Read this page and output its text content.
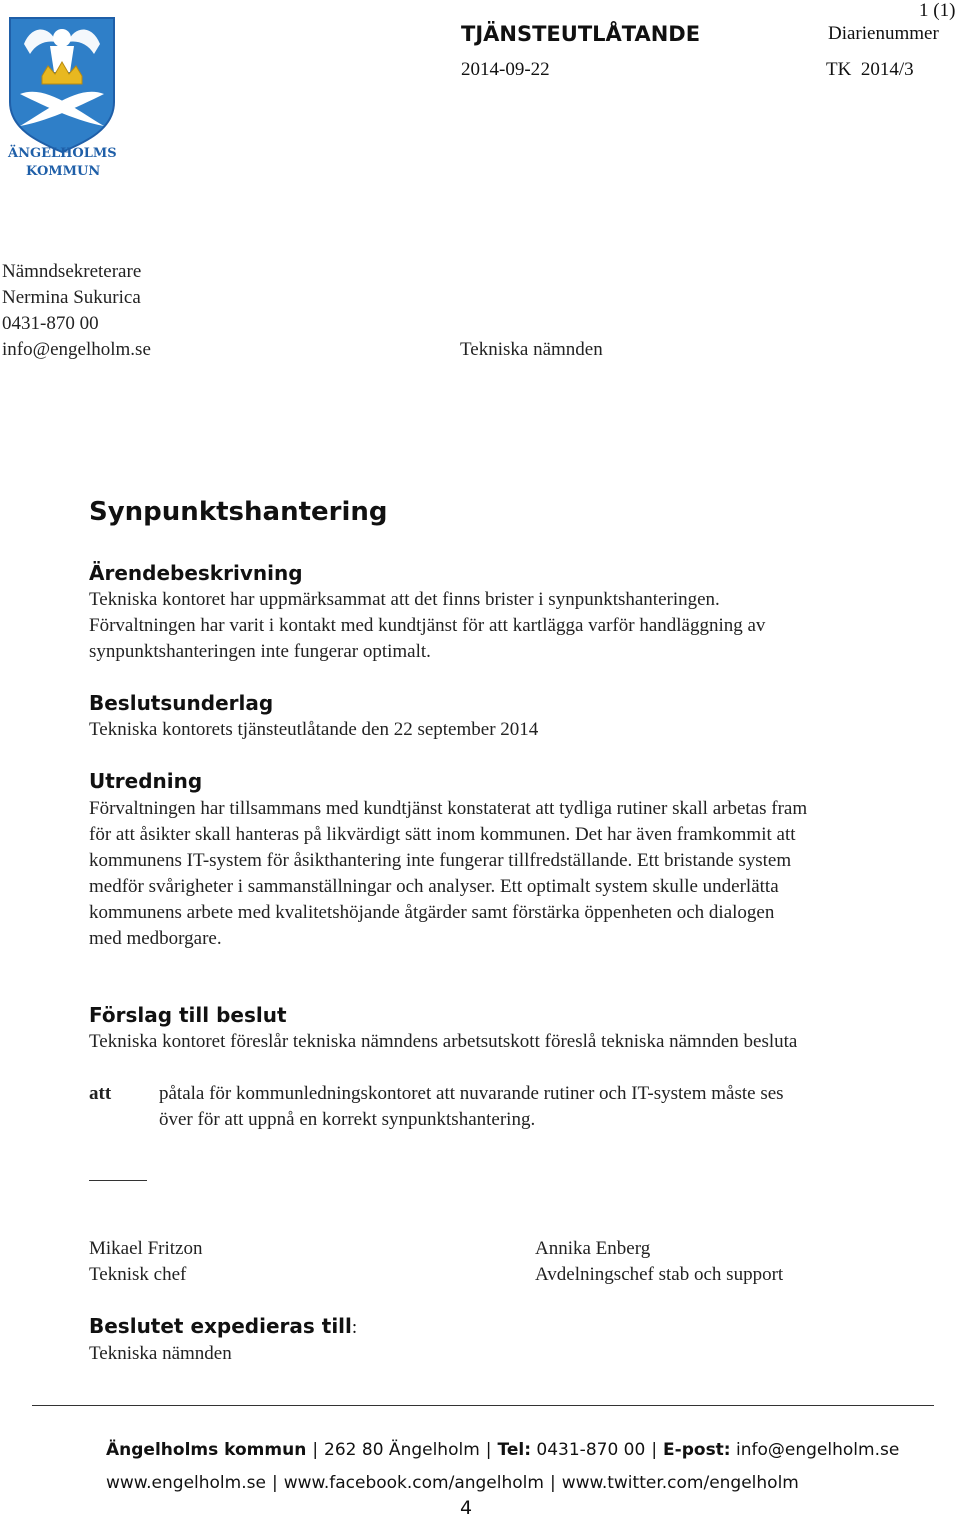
ÄNGELHOLMS
KOMMUN
TJÄNSTEUTLÅTANDE
1 (1)
Diarienummer
2014-09-22	TK  2014/3
Nämndsekreterare
Nermina Sukurica
0431-870 00
info@engelholm.se	Tekniska nämnden
Synpunktshantering
Ärendebeskrivning
Tekniska kontoret har uppmärksammat att det finns brister i synpunktshanteringen.
Förvaltningen har varit i kontakt med kundtjänst för att kartlägga varför handläggning av
synpunktshanteringen inte fungerar optimalt.
Beslutsunderlag
Tekniska kontorets tjänsteutlåtande den 22 september 2014
Utredning
Förvaltningen har tillsammans med kundtjänst konstaterat att tydliga rutiner skall arbetas fram
för att åsikter skall hanteras på likvärdigt sätt inom kommunen. Det har även framkommit att
kommunens IT-system för åsikthantering inte fungerar tillfredställande. Ett bristande system
medför svårigheter i sammanställningar och analyser. Ett optimalt system skulle underlätta
kommunens arbete med kvalitetshöjande åtgärder samt förstärka öppenheten och dialogen
med medborgare.
Förslag till beslut
Tekniska kontoret föreslår tekniska nämndens arbetsutskott föreslå tekniska nämnden besluta
att	påtala för kommunledningskontoret att nuvarande rutiner och IT-system måste ses
över för att uppnå en korrekt synpunktshantering.
Mikael Fritzon
Teknisk chef
Annika Enberg
Avdelningschef stab och support
Beslutet expedieras till:
Tekniska nämnden
Ängelholms kommun | 262 80 Ängelholm | Tel: 0431-870 00 | E-post: info@engelholm.se
www.engelholm.se | www.facebook.com/angelholm | www.twitter.com/engelholm
4
